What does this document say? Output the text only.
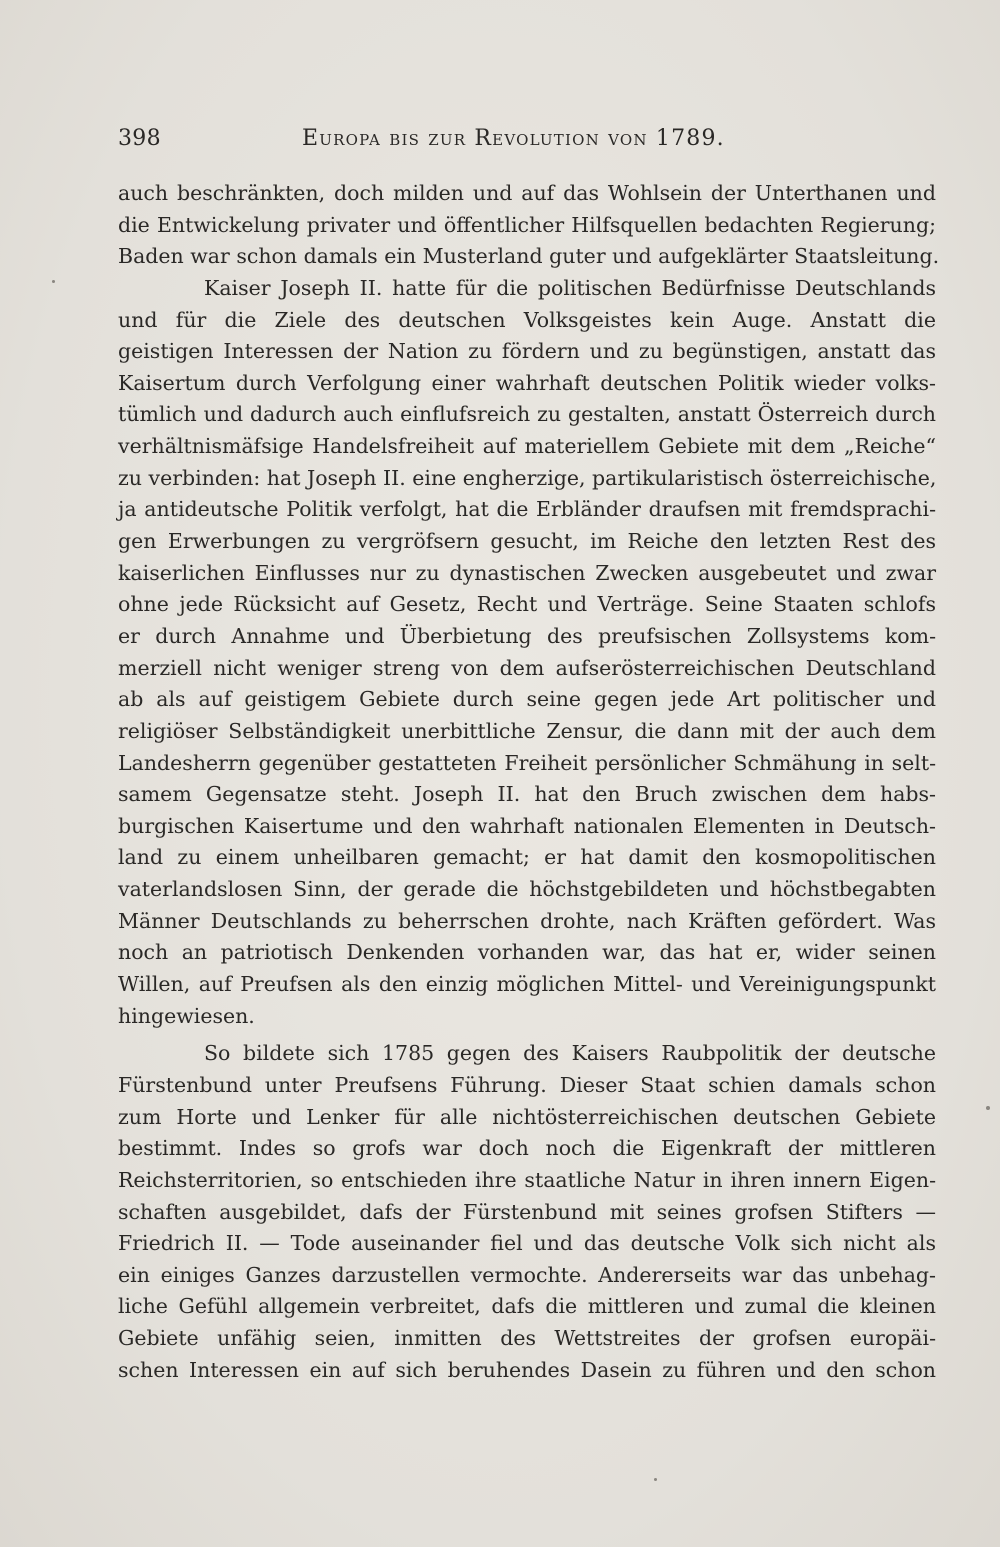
398	Europa bis zur Revolution von 1789.
auch beschränkten, doch milden und auf das Wohlsein der Unterthanen und
die Entwickelung privater und öffentlicher Hilfsquellen bedachten Regierung;
Baden war schon damals ein Musterland guter und aufgeklärter Staatsleitung.
Kaiser Joseph II. hatte für die politischen Bedürfnisse Deutschlands
und für die Ziele des deutschen Volksgeistes kein Auge. Anstatt die
geistigen Interessen der Nation zu fördern und zu begünstigen, anstatt das
Kaisertum durch Verfolgung einer wahrhaft deutschen Politik wieder volks-
tümlich und dadurch auch einflufsreich zu gestalten, anstatt Österreich durch
verhältnismäfsige Handelsfreiheit auf materiellem Gebiete mit dem „Reiche“
zu verbinden: hat Joseph II. eine engherzige, partikularistisch österreichische,
ja antideutsche Politik verfolgt, hat die Erbländer draufsen mit fremdsprachi-
gen Erwerbungen zu vergröfsern gesucht, im Reiche den letzten Rest des
kaiserlichen Einflusses nur zu dynastischen Zwecken ausgebeutet und zwar
ohne jede Rücksicht auf Gesetz, Recht und Verträge. Seine Staaten schlofs
er durch Annahme und Überbietung des preufsischen Zollsystems kom-
merziell nicht weniger streng von dem aufserösterreichischen Deutschland
ab als auf geistigem Gebiete durch seine gegen jede Art politischer und
religiöser Selbständigkeit unerbittliche Zensur, die dann mit der auch dem
Landesherrn gegenüber gestatteten Freiheit persönlicher Schmähung in selt-
samem Gegensatze steht. Joseph II. hat den Bruch zwischen dem habs-
burgischen Kaisertume und den wahrhaft nationalen Elementen in Deutsch-
land zu einem unheilbaren gemacht; er hat damit den kosmopolitischen
vaterlandslosen Sinn, der gerade die höchstgebildeten und höchstbegabten
Männer Deutschlands zu beherrschen drohte, nach Kräften gefördert. Was
noch an patriotisch Denkenden vorhanden war, das hat er, wider seinen
Willen, auf Preufsen als den einzig möglichen Mittel- und Vereinigungspunkt
hingewiesen.
So bildete sich 1785 gegen des Kaisers Raubpolitik der deutsche
Fürstenbund unter Preufsens Führung. Dieser Staat schien damals schon
zum Horte und Lenker für alle nichtösterreichischen deutschen Gebiete
bestimmt. Indes so grofs war doch noch die Eigenkraft der mittleren
Reichsterritorien, so entschieden ihre staatliche Natur in ihren innern Eigen-
schaften ausgebildet, dafs der Fürstenbund mit seines grofsen Stifters —
Friedrich II. — Tode auseinander fiel und das deutsche Volk sich nicht als
ein einiges Ganzes darzustellen vermochte. Andererseits war das unbehag-
liche Gefühl allgemein verbreitet, dafs die mittleren und zumal die kleinen
Gebiete unfähig seien, inmitten des Wettstreites der grofsen europäi-
schen Interessen ein auf sich beruhendes Dasein zu führen und den schon
